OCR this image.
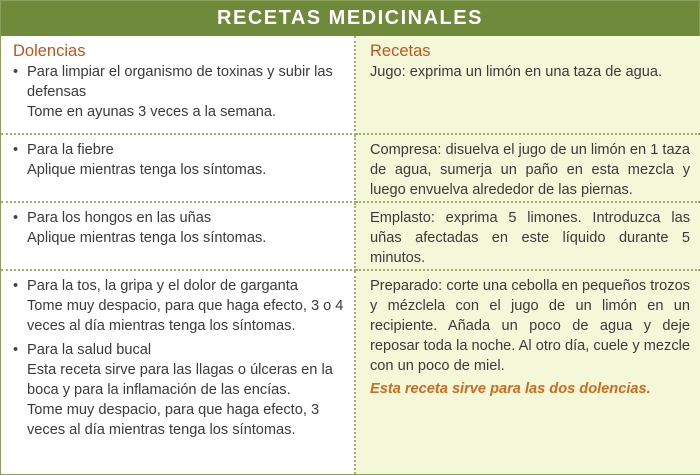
RECETAS MEDICINALES
Dolencias
• Para limpiar el organismo de toxinas y subir las defensas
Tome en ayunas 3 veces a la semana.
Recetas
Jugo: exprima un limón en una taza de agua.
• Para la fiebre
Aplique mientras tenga los síntomas.
Compresa: disuelva el jugo de un limón en 1 taza de agua, sumerja un paño en esta mezcla y luego envuelva alrededor de las piernas.
• Para los hongos en las uñas
Aplique mientras tenga los síntomas.
Emplasto: exprima 5 limones. Introduzca las uñas afectadas en este líquido durante 5 minutos.
• Para la tos, la gripa y el dolor de garganta
Tome muy despacio, para que haga efecto, 3 o 4 veces al día mientras tenga los síntomas.
• Para la salud bucal
Esta receta sirve para las llagas o úlceras en la boca y para la inflamación de las encías.
Tome muy despacio, para que haga efecto, 3 veces al día mientras tenga los síntomas.
Preparado: corte una cebolla en pequeños trozos y mézclela con el jugo de un limón en un recipiente. Añada un poco de agua y deje reposar toda la noche. Al otro día, cuele y mezcle con un poco de miel.
Esta receta sirve para las dos dolencias.
